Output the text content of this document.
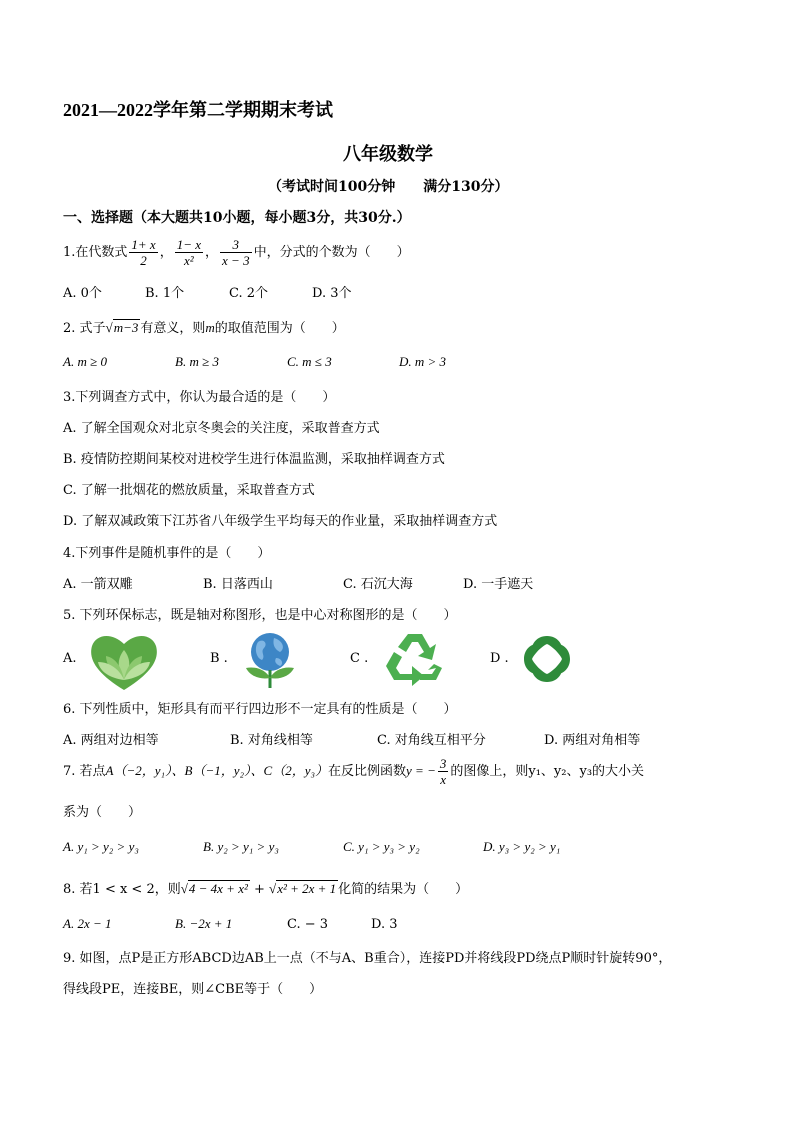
2021—2022学年第二学期期末考试
八年级数学
（考试时间100分钟　　满分130分）
一、选择题（本大题共10小题，每小题3分，共30分.）
1.在代数式 $\frac{1+ x}{2}$ ， $\frac{1- x}{\text{x²}}$ ， $\frac{3}{x - 3}$ 中，分式的个数为（　　）
A. 0个	B. 1个	C. 2个	D. 3个
2. 式子√m−3 有意义，则m的取值范围为（　　）
A. m ≥ 0	B. m ≥ 3	C. m ≤ 3	D. m > 3
3.下列调查方式中，你认为最合适的是（　　）
A. 了解全国观众对北京冬奥会的关注度，采取普查方式
B. 疫情防控期间某校对进校学生进行体温监测，采取抽样调查方式
C. 了解一批烟花的燃放质量，采取普查方式
D. 了解双减政策下江苏省八年级学生平均每天的作业量，采取抽样调查方式
4.下列事件是随机事件的是（　　）
A. 一箭双雕	B. 日落西山	C. 石沉大海	D. 一手遮天
5. 下列环保标志，既是轴对称图形，也是中心对称图形的是（　　）
A.	B .	C .	D .
6. 下列性质中，矩形具有而平行四边形不一定具有的性质是（　　）
A. 两组对边相等	B. 对角线相等	C. 对角线互相平分	D. 两组对角相等
7. 若点A（−2，y₁）、B（−1，y₂）、C（2，y₃）在反比例函数y = − $\frac{3}{x}$ 的图像上，则y₁、y₂、y₃的大小关
系为（　　）
A. y₁ > y₂ > y₃	B. y₂ > y₁ > y₃	C. y₁ > y₃ > y₂	D. y₃ > y₂ > y₁
8. 若1 < x < 2，则√4 − 4x + x² + √x² + 2x + 1 化简的结果为（　　）
A. 2x − 1	B. −2x + 1	C. − 3	D. 3
9. 如图，点P是正方形ABCD边AB上一点（不与A、B重合），连接PD并将线段PD绕点P顺时针旋转90°，
得线段PE，连接BE，则∠CBE等于（　　）
